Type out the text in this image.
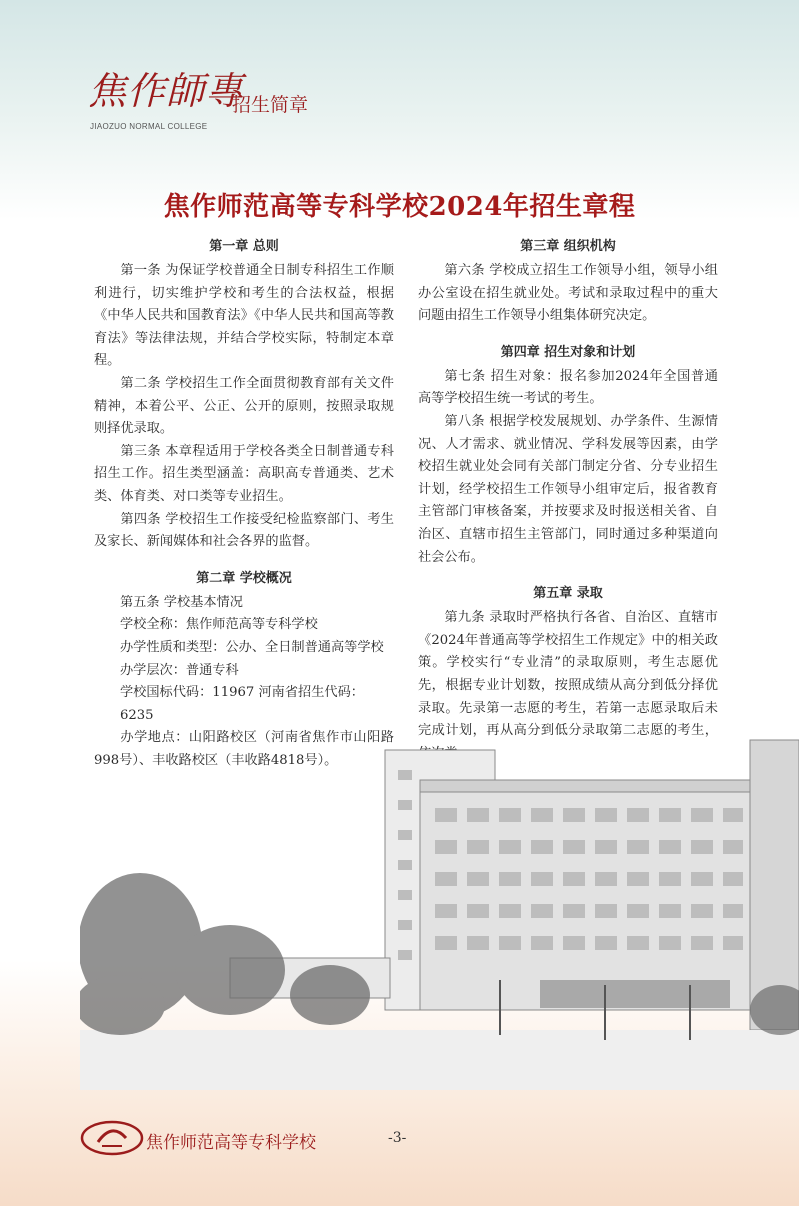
焦作師專
招生简章
JIAOZUO NORMAL COLLEGE
焦作师范高等专科学校2024年招生章程
第一章 总则

第一条 为保证学校普通全日制专科招生工作顺利进行，切实维护学校和考生的合法权益，根据《中华人民共和国教育法》《中华人民共和国高等教育法》等法律法规，并结合学校实际，特制定本章程。

第二条 学校招生工作全面贯彻教育部有关文件精神，本着公平、公正、公开的原则，按照录取规则择优录取。

第三条 本章程适用于学校各类全日制普通专科招生工作。招生类型涵盖：高职高专普通类、艺术类、体育类、对口类等专业招生。

第四条 学校招生工作接受纪检监察部门、考生及家长、新闻媒体和社会各界的监督。

第二章 学校概况

第五条 学校基本情况

学校全称：焦作师范高等专科学校

办学性质和类型：公办、全日制普通高等学校

办学层次：普通专科

学校国标代码：11967 河南省招生代码：6235

办学地点：山阳路校区（河南省焦作市山阳路998号）、丰收路校区（丰收路4818号）。

第三章 组织机构

第六条 学校成立招生工作领导小组，领导小组办公室设在招生就业处。考试和录取过程中的重大问题由招生工作领导小组集体研究决定。

第四章 招生对象和计划

第七条 招生对象：报名参加2024年全国普通高等学校招生统一考试的考生。

第八条 根据学校发展规划、办学条件、生源情况、人才需求、就业情况、学科发展等因素，由学校招生就业处会同有关部门制定分省、分专业招生计划，经学校招生工作领导小组审定后，报省教育主管部门审核备案，并按要求及时报送相关省、自治区、直辖市招生主管部门，同时通过多种渠道向社会公布。

第五章 录取

第九条 录取时严格执行各省、自治区、直辖市《2024年普通高等学校招生工作规定》中的相关政策。学校实行“专业清”的录取原则，考生志愿优先，根据专业计划数，按照成绩从高分到低分择优录取。先录第一志愿的考生，若第一志愿录取后未完成计划，再从高分到低分录取第二志愿的考生，

焦作师范高等专科学校	-3-
